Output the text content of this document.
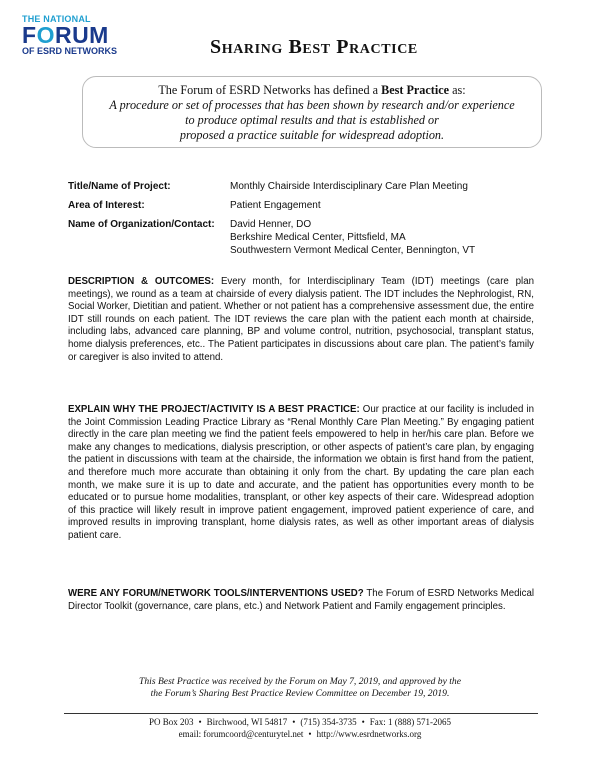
THE NATIONAL
FORUM
OF ESRD NETWORKS	Sharing Best Practice
The Forum of ESRD Networks has defined a Best Practice as:
A procedure or set of processes that has been shown by research and/or experience
to produce optimal results and that is established or
proposed a practice suitable for widespread adoption.
Title/Name of Project:	Monthly Chairside Interdisciplinary Care Plan Meeting
Area of Interest:	Patient Engagement
Name of Organization/Contact:	David Henner, DO
Berkshire Medical Center, Pittsfield, MA
Southwestern Vermont Medical Center, Bennington, VT
DESCRIPTION & OUTCOMES: Every month, for Interdisciplinary Team (IDT) meetings (care plan meetings), we round as a team at chairside of every dialysis patient. The IDT includes the Nephrologist, RN, Social Worker, Dietitian and patient. Whether or not patient has a comprehensive assessment due, the entire IDT still rounds on each patient. The IDT reviews the care plan with the patient each month at chairside, including labs, advanced care planning, BP and volume control, nutrition, psychosocial, transplant status, home dialysis preferences, etc.. The Patient participates in discussions about care plan. The patient’s family or caregiver is also invited to attend.
EXPLAIN WHY THE PROJECT/ACTIVITY IS A BEST PRACTICE: Our practice at our facility is included in the Joint Commission Leading Practice Library as “Renal Monthly Care Plan Meeting.” By engaging patient directly in the care plan meeting we find the patient feels empowered to help in her/his care plan. Before we make any changes to medications, dialysis prescription, or other aspects of patient’s care plan, by engaging the patient in discussions with team at the chairside, the information we obtain is first hand from the patient, and therefore much more accurate than obtaining it only from the chart. By updating the care plan each month, we make sure it is up to date and accurate, and the patient has opportunities every month to be educated or to pursue home modalities, transplant, or other key aspects of their care. Widespread adoption of this practice will likely result in improve patient engagement, improved patient experience of care, and improved results in improving transplant, home dialysis rates, as well as other important areas of dialysis patient care.
WERE ANY FORUM/NETWORK TOOLS/INTERVENTIONS USED? The Forum of ESRD Networks Medical Director Toolkit (governance, care plans, etc.) and Network Patient and Family engagement principles.
This Best Practice was received by the Forum on May 7, 2019, and approved by the
the Forum’s Sharing Best Practice Review Committee on December 19, 2019.
PO Box 203 • Birchwood, WI 54817 • (715) 354-3735 • Fax: 1 (888) 571-2065
email: forumcoord@centurytel.net • http://www.esrdnetworks.org
